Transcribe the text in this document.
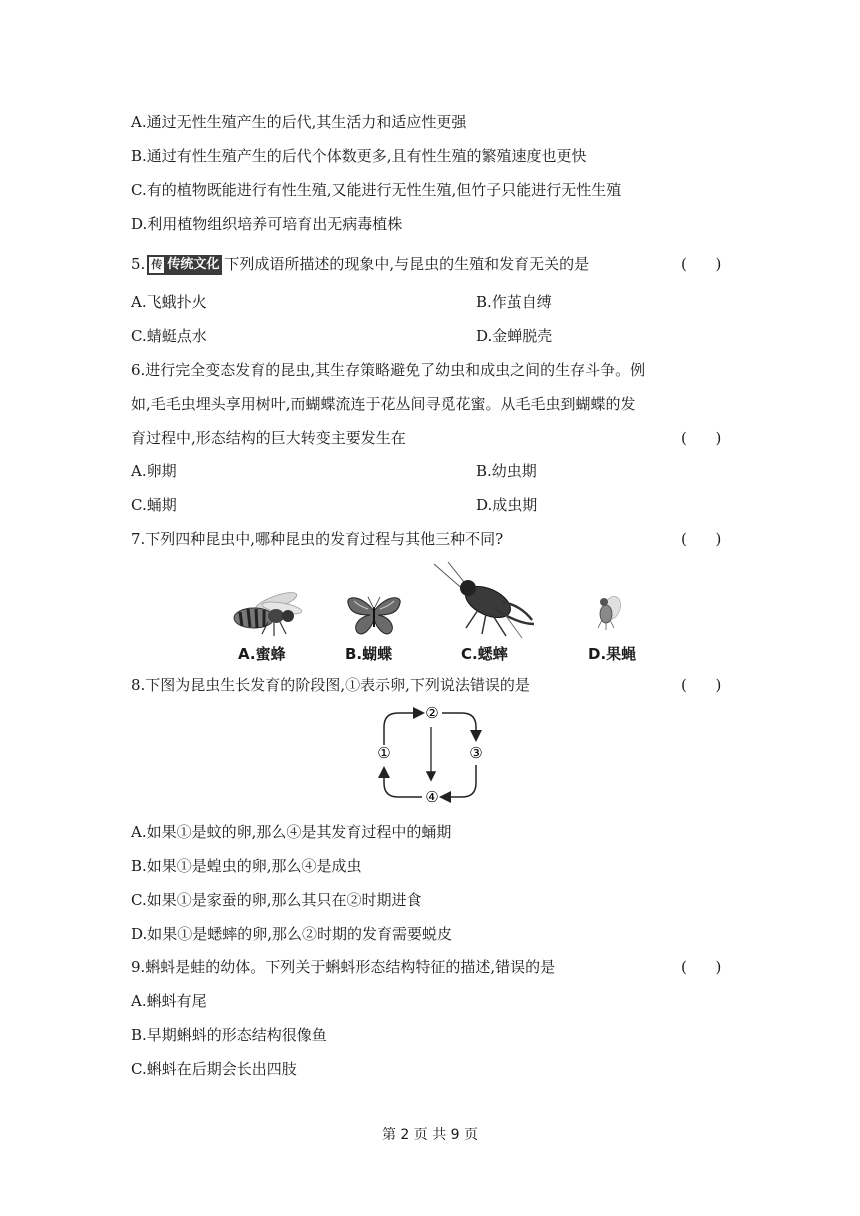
A.通过无性生殖产生的后代,其生活力和适应性更强
B.通过有性生殖产生的后代个体数更多,且有性生殖的繁殖速度也更快
C.有的植物既能进行有性生殖,又能进行无性生殖,但竹子只能进行无性生殖
D.利用植物组织培养可培育出无病毒植株
5. 传 传统文化 下列成语所描述的现象中,与昆虫的生殖和发育无关的是	(      )
A.飞蛾扑火	B.作茧自缚
C.蜻蜓点水	D.金蝉脱壳
6.进行完全变态发育的昆虫,其生存策略避免了幼虫和成虫之间的生存斗争。例
如,毛毛虫埋头享用树叶,而蝴蝶流连于花丛间寻觅花蜜。从毛毛虫到蝴蝶的发
育过程中,形态结构的巨大转变主要发生在	(      )
A.卵期	B.幼虫期
C.蛹期	D.成虫期
7.下列四种昆虫中,哪种昆虫的发育过程与其他三种不同?	(      )
A.蜜蜂	B.蝴蝶	C.蟋蟀	D.果蝇
8.下图为昆虫生长发育的阶段图,①表示卵,下列说法错误的是	(      )
①
②
③
④
A.如果①是蚊的卵,那么④是其发育过程中的蛹期
B.如果①是蝗虫的卵,那么④是成虫
C.如果①是家蚕的卵,那么其只在②时期进食
D.如果①是蟋蟀的卵,那么②时期的发育需要蜕皮
9.蝌蚪是蛙的幼体。下列关于蝌蚪形态结构特征的描述,错误的是	(      )
A.蝌蚪有尾
B.早期蝌蚪的形态结构很像鱼
C.蝌蚪在后期会长出四肢
第 2 页 共 9 页
